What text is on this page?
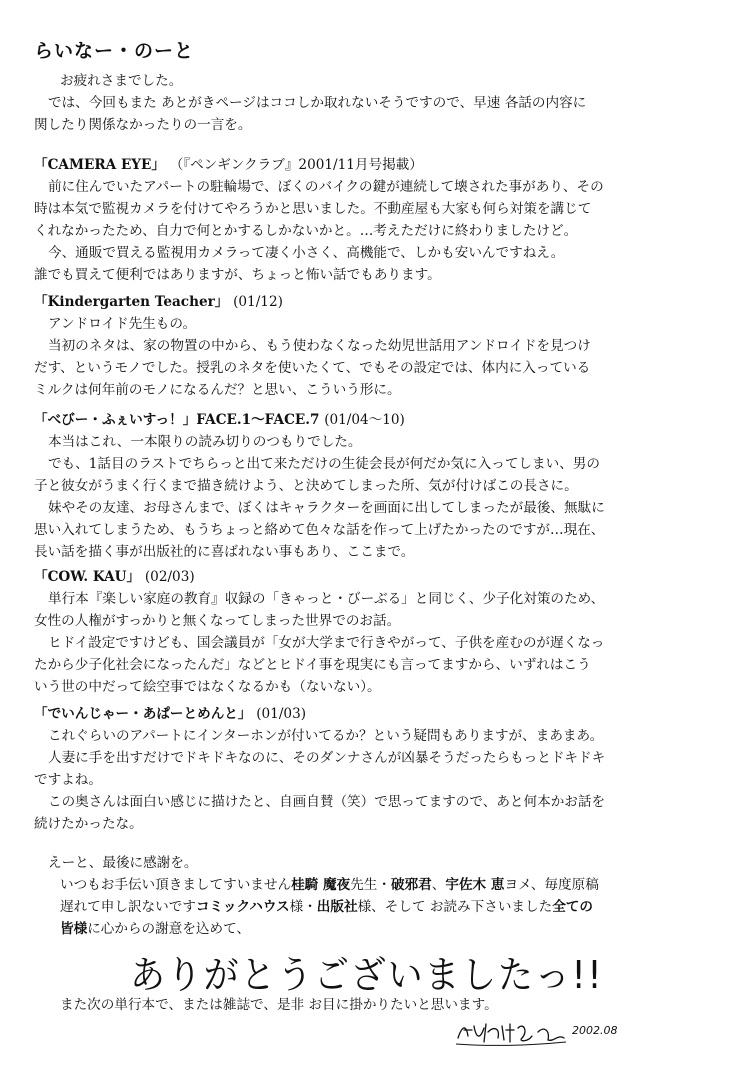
らいなー・のーと
お疲れさまでした。
では、今回もまた あとがきページはココしか取れないそうですので、早速 各話の内容に
関したり関係なかったりの一言を。
「CAMERA EYE」 （『ペンギンクラブ』2001/11月号掲載）
前に住んでいたアパートの駐輪場で、ぼくのバイクの鍵が連続して壊された事があり、その
時は本気で監視カメラを付けてやろうかと思いました。不動産屋も大家も何ら対策を講じて
くれなかったため、自力で何とかするしかないかと。…考えただけに終わりましたけど。
今、通販で買える監視用カメラって凄く小さく、高機能で、しかも安いんですねえ。
誰でも買えて便利ではありますが、ちょっと怖い話でもあります。
「Kindergarten Teacher」 (01/12)
アンドロイド先生もの。
当初のネタは、家の物置の中から、もう使わなくなった幼児世話用アンドロイドを見つけ
だす、というモノでした。授乳のネタを使いたくて、でもその設定では、体内に入っている
ミルクは何年前のモノになるんだ？と思い、こういう形に。
「べびー・ふぇいすっ！」FACE.1～FACE.7 (01/04～10)
本当はこれ、一本限りの読み切りのつもりでした。
でも、1話目のラストでちらっと出て来ただけの生徒会長が何だか気に入ってしまい、男の
子と彼女がうまく行くまで描き続けよう、と決めてしまった所、気が付けばこの長さに。
妹やその友達、お母さんまで、ぼくはキャラクターを画面に出してしまったが最後、無駄に
思い入れてしまうため、もうちょっと絡めて色々な話を作って上げたかったのですが…現在、
長い話を描く事が出版社的に喜ばれない事もあり、ここまで。
「COW. KAU」 (02/03)
単行本『楽しい家庭の教育』収録の「きゃっと・びーぶる」と同じく、少子化対策のため、
女性の人権がすっかりと無くなってしまった世界でのお話。
ヒドイ設定ですけども、国会議員が「女が大学まで行きやがって、子供を産むのが遅くなっ
たから少子化社会になったんだ」などとヒドイ事を現実にも言ってますから、いずれはこう
いう世の中だって絵空事ではなくなるかも（ないない）。
「でいんじゃー・あぱーとめんと」 (01/03)
これぐらいのアパートにインターホンが付いてるか？という疑問もありますが、まあまあ。
人妻に手を出すだけでドキドキなのに、そのダンナさんが凶暴そうだったらもっとドキドキ
ですよね。
この奥さんは面白い感じに描けたと、自画自賛（笑）で思ってますので、あと何本かお話を
続けたかったな。
えーと、最後に感謝を。
いつもお手伝い頂きましてすいません桂騎 魔夜先生・破邪君、宇佐木 恵ヨメ、毎度原稿
遅れて申し訳ないですコミックハウス様・出版社様、そして お読み下さいました全ての
皆様に心からの謝意を込めて、
ありがとうございましたっ!!
また次の単行本で、または雑誌で、是非 お目に掛かりたいと思います。
2002.08
